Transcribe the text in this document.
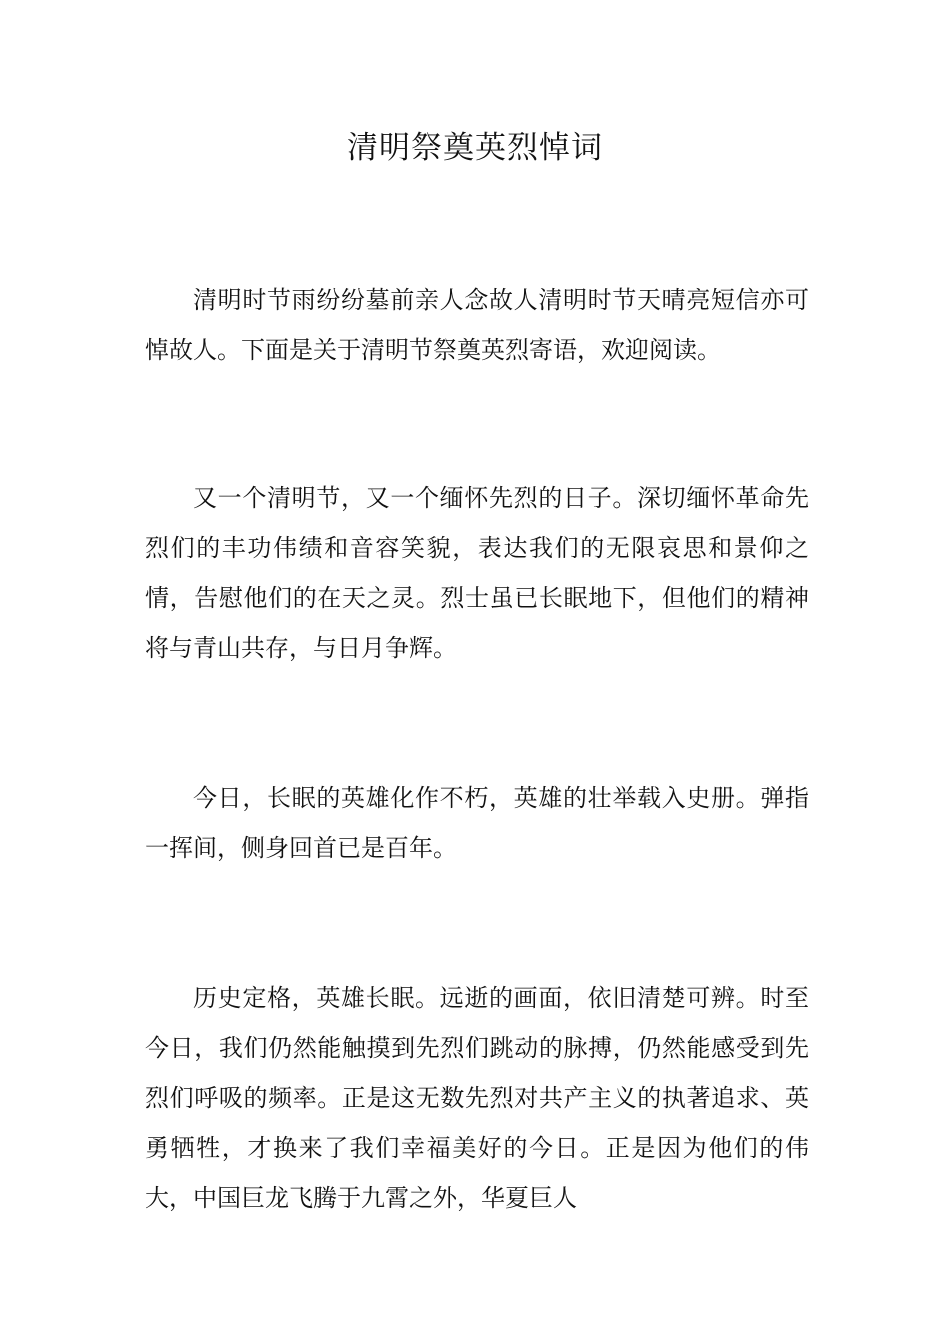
清明祭奠英烈悼词

清明时节雨纷纷墓前亲人念故人清明时节天晴亮短信亦可悼故人。下面是关于清明节祭奠英烈寄语，欢迎阅读。

又一个清明节，又一个缅怀先烈的日子。深切缅怀革命先烈们的丰功伟绩和音容笑貌，表达我们的无限哀思和景仰之情，告慰他们的在天之灵。烈士虽已长眠地下，但他们的精神将与青山共存，与日月争辉。

今日，长眠的英雄化作不朽，英雄的壮举载入史册。弹指一挥间，侧身回首已是百年。

历史定格，英雄长眠。远逝的画面，依旧清楚可辨。时至今日，我们仍然能触摸到先烈们跳动的脉搏，仍然能感受到先烈们呼吸的频率。正是这无数先烈对共产主义的执著追求、英勇牺牲，才换来了我们幸福美好的今日。正是因为他们的伟大，中国巨龙飞腾于九霄之外，华夏巨人
